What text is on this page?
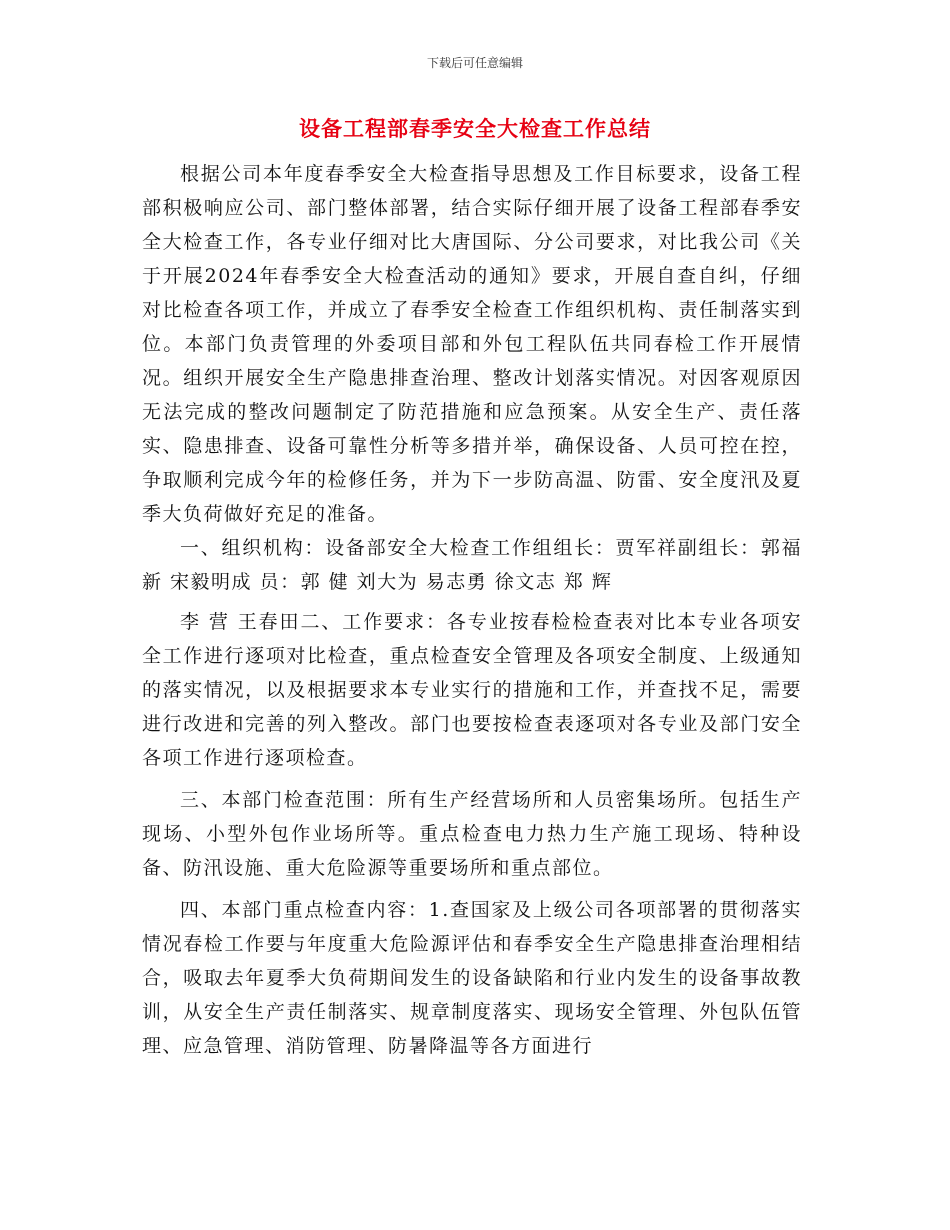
下载后可任意编辑
设备工程部春季安全大检查工作总结

根据公司本年度春季安全大检查指导思想及工作目标要求，设备工程部积极响应公司、部门整体部署，结合实际仔细开展了设备工程部春季安全大检查工作，各专业仔细对比大唐国际、分公司要求，对比我公司《关于开展2024年春季安全大检查活动的通知》要求，开展自查自纠，仔细对比检查各项工作，并成立了春季安全检查工作组织机构、责任制落实到位。本部门负责管理的外委项目部和外包工程队伍共同春检工作开展情况。组织开展安全生产隐患排查治理、整改计划落实情况。对因客观原因无法完成的整改问题制定了防范措施和应急预案。从安全生产、责任落实、隐患排查、设备可靠性分析等多措并举，确保设备、人员可控在控，争取顺利完成今年的检修任务，并为下一步防高温、防雷、安全度汛及夏季大负荷做好充足的准备。

一、组织机构：设备部安全大检查工作组组长：贾军祥副组长：郭福新 宋毅明成 员：郭 健 刘大为 易志勇 徐文志 郑 辉

李 营 王春田二、工作要求：各专业按春检检查表对比本专业各项安全工作进行逐项对比检查，重点检查安全管理及各项安全制度、上级通知的落实情况，以及根据要求本专业实行的措施和工作，并查找不足，需要进行改进和完善的列入整改。部门也要按检查表逐项对各专业及部门安全各项工作进行逐项检查。

三、本部门检查范围：所有生产经营场所和人员密集场所。包括生产现场、小型外包作业场所等。重点检查电力热力生产施工现场、特种设备、防汛设施、重大危险源等重要场所和重点部位。

四、本部门重点检查内容：1.查国家及上级公司各项部署的贯彻落实情况春检工作要与年度重大危险源评估和春季安全生产隐患排查治理相结合，吸取去年夏季大负荷期间发生的设备缺陷和行业内发生的设备事故教训，从安全生产责任制落实、规章制度落实、现场安全管理、外包队伍管理、应急管理、消防管理、防暑降温等各方面进行
